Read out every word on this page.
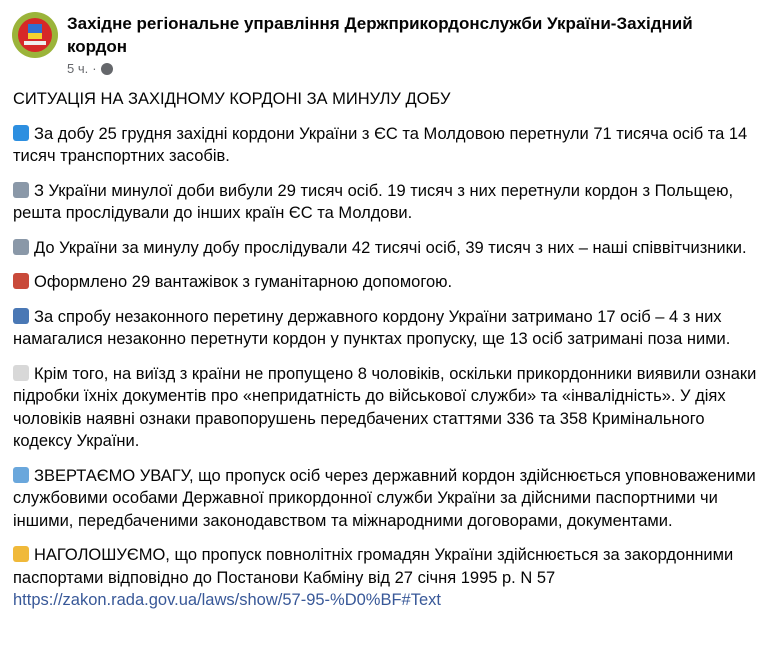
Західне регіональне управління Держприкордонслужби України-Західний кордон
5 ч. ·

СИТУАЦІЯ НА ЗАХІДНОМУ КОРДОНІ ЗА МИНУЛУ ДОБУ

За добу 25 грудня західні кордони України з ЄС та Молдовою перетнули 71 тисяча осіб та 14 тисяч транспортних засобів.

З України минулої доби вибули 29 тисяч осіб. 19 тисяч з них перетнули кордон з Польщею, решта прослідували до інших країн ЄС та Молдови.

До України за минулу добу прослідували 42 тисячі осіб, 39 тисяч з них – наші співвітчизники.

Оформлено 29 вантажівок з гуманітарною допомогою.

За спробу незаконного перетину державного кордону України затримано 17 осіб – 4 з них намагалися незаконно перетнути кордон у пунктах пропуску, ще 13 осіб затримані поза ними.

Крім того, на виїзд з країни не пропущено 8 чоловіків, оскільки прикордонники виявили ознаки підробки їхніх документів про «непридатність до військової служби» та «інвалідність». У діях чоловіків наявні ознаки правопорушень передбачених статтями 336 та 358 Кримінального кодексу України.

ЗВЕРТАЄМО УВАГУ, що пропуск осіб через державний кордон здійснюється уповноваженими службовими особами Державної прикордонної служби України за дійсними паспортними чи іншими, передбаченими законодавством та міжнародними договорами, документами.

НАГОЛОШУЄМО, що пропуск повнолітніх громадян України здійснюється за закордонними паспортами відповідно до Постанови Кабміну від 27 січня 1995 р. N 57

https://zakon.rada.gov.ua/laws/show/57-95-%D0%BF#Text
